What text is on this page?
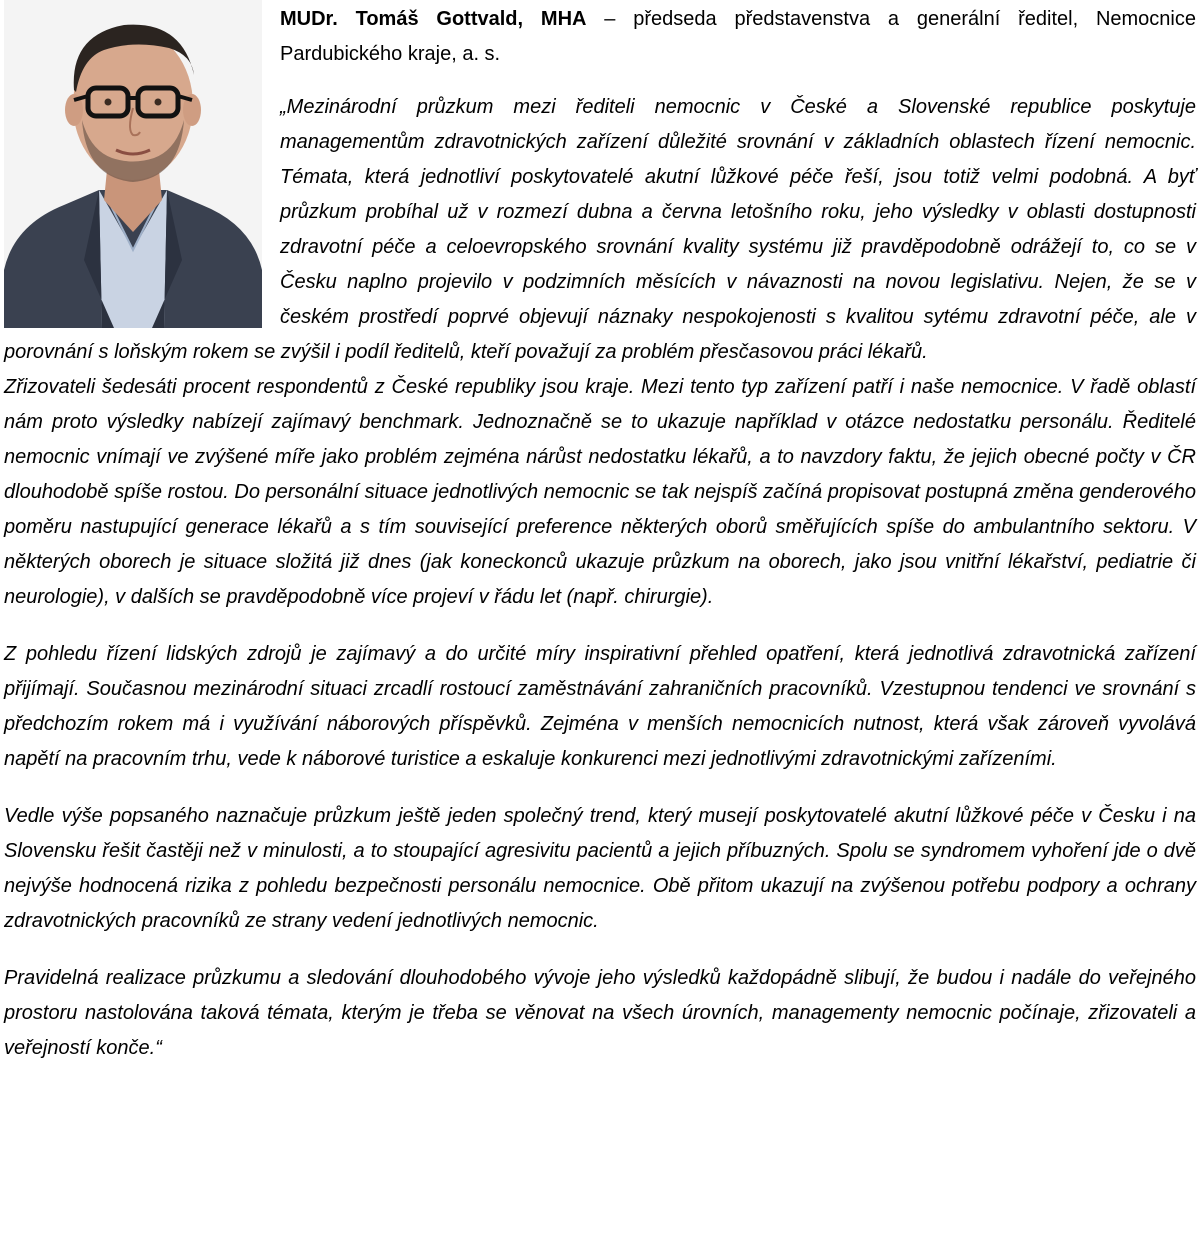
MUDr. Tomáš Gottvald, MHA – předseda představenstva a generální ředitel, Nemocnice Pardubického kraje, a. s.

„Mezinárodní průzkum mezi řediteli nemocnic v České a Slovenské republice poskytuje managementům zdravotnických zařízení důležité srovnání v základních oblastech řízení nemocnic. Témata, která jednotliví poskytovatelé akutní lůžkové péče řeší, jsou totiž velmi podobná. A byť průzkum probíhal už v rozmezí dubna a června letošního roku, jeho výsledky v oblasti dostupnosti zdravotní péče a celoevropského srovnání kvality systému již pravděpodobně odrážejí to, co se v Česku naplno projevilo v podzimních měsících v návaznosti na novou legislativu. Nejen, že se v českém prostředí poprvé objevují náznaky nespokojenosti s kvalitou sytému zdravotní péče, ale v porovnání s loňským rokem se zvýšil i podíl ředitelů, kteří považují za problém přesčasovou práci lékařů.

Zřizovateli šedesáti procent respondentů z České republiky jsou kraje. Mezi tento typ zařízení patří i naše nemocnice. V řadě oblastí nám proto výsledky nabízejí zajímavý benchmark. Jednoznačně se to ukazuje například v otázce nedostatku personálu. Ředitelé nemocnic vnímají ve zvýšené míře jako problém zejména nárůst nedostatku lékařů, a to navzdory faktu, že jejich obecné počty v ČR dlouhodobě spíše rostou. Do personální situace jednotlivých nemocnic se tak nejspíš začíná propisovat postupná změna genderového poměru nastupující generace lékařů a s tím související preference některých oborů směřujících spíše do ambulantního sektoru. V některých oborech je situace složitá již dnes (jak koneckonců ukazuje průzkum na oborech, jako jsou vnitřní lékařství, pediatrie či neurologie), v dalších se pravděpodobně více projeví v řádu let (např. chirurgie).

Z pohledu řízení lidských zdrojů je zajímavý a do určité míry inspirativní přehled opatření, která jednotlivá zdravotnická zařízení přijímají. Současnou mezinárodní situaci zrcadlí rostoucí zaměstnávání zahraničních pracovníků. Vzestupnou tendenci ve srovnání s předchozím rokem má i využívání náborových příspěvků. Zejména v menších nemocnicích nutnost, která však zároveň vyvolává napětí na pracovním trhu, vede k náborové turistice a eskaluje konkurenci mezi jednotlivými zdravotnickými zařízeními.

Vedle výše popsaného naznačuje průzkum ještě jeden společný trend, který musejí poskytovatelé akutní lůžkové péče v Česku i na Slovensku řešit častěji než v minulosti, a to stoupající agresivitu pacientů a jejich příbuzných. Spolu se syndromem vyhoření jde o dvě nejvýše hodnocená rizika z pohledu bezpečnosti personálu nemocnice. Obě přitom ukazují na zvýšenou potřebu podpory a ochrany zdravotnických pracovníků ze strany vedení jednotlivých nemocnic.

Pravidelná realizace průzkumu a sledování dlouhodobého vývoje jeho výsledků každopádně slibují, že budou i nadále do veřejného prostoru nastolována taková témata, kterým je třeba se věnovat na všech úrovních, managementy nemocnic počínaje, zřizovateli a veřejností konče.“
